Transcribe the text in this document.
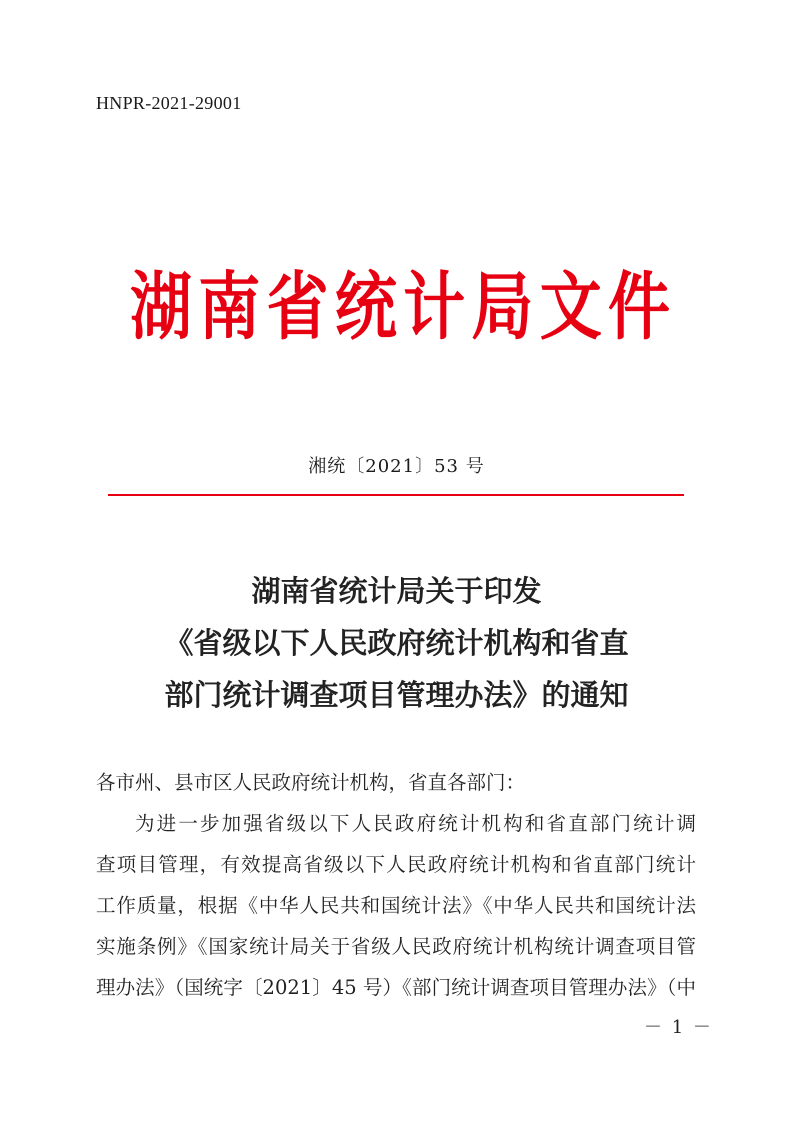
HNPR-2021-29001
湖 南 省 统 计 局 文 件
湘统〔2021〕53 号
湖南省统计局关于印发
《省级以下人民政府统计机构和省直
部门统计调查项目管理办法》的通知
各市州、县市区人民政府统计机构，省直各部门：
为进一步加强省级以下人民政府统计机构和省直部门统计调
查项目管理，有效提高省级以下人民政府统计机构和省直部门统计
工作质量，根据《中华人民共和国统计法》《中华人民共和国统计法
实施条例》《国家统计局关于省级人民政府统计机构统计调查项目管
理办法》（国统字〔2021〕45 号）《部门统计调查项目管理办法》（中
－ 1 －
